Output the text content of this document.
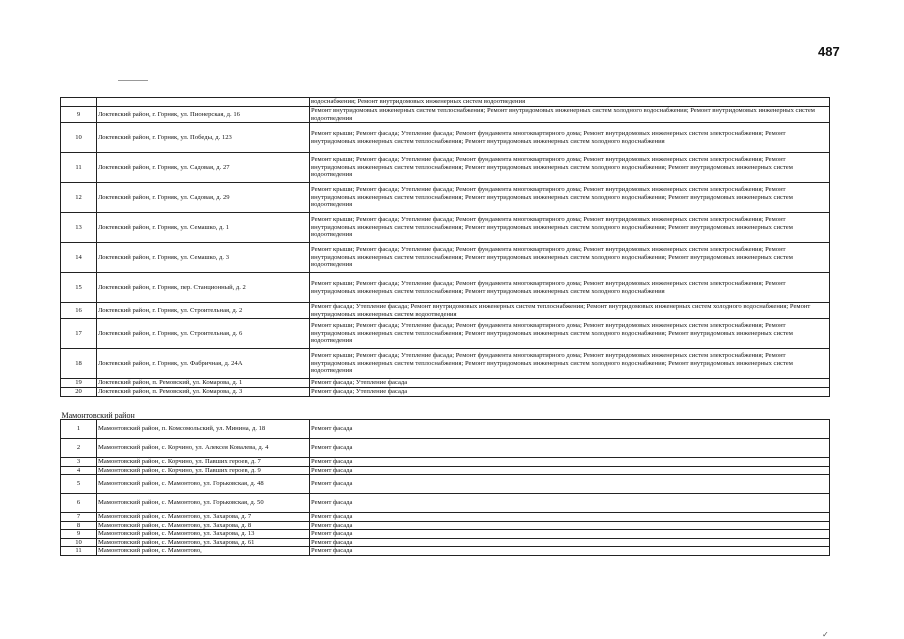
487
		водоснабжения; Ремонт внутридомовых инженерных систем водоотведения
9	Локтевский район, г. Горняк, ул. Пионерская, д. 16	Ремонт внутридомовых инженерных систем теплоснабжения; Ремонт внутридомовых инженерных систем холодного водоснабжения; Ремонт внутридомовых инженерных систем водоотведения
10	Локтевский район, г. Горняк, ул. Победы, д. 123	Ремонт крыши; Ремонт фасада; Утепление фасада; Ремонт фундамента многоквартирного дома; Ремонт внутридомовых инженерных систем электроснабжения; Ремонт внутридомовых инженерных систем теплоснабжения; Ремонт внутридомовых инженерных систем холодного водоснабжения
11	Локтевский район, г. Горняк, ул. Садовая, д. 27	Ремонт крыши; Ремонт фасада; Утепление фасада; Ремонт фундамента многоквартирного дома; Ремонт внутридомовых инженерных систем электроснабжения; Ремонт внутридомовых инженерных систем теплоснабжения; Ремонт внутридомовых инженерных систем холодного водоснабжения; Ремонт внутридомовых инженерных систем водоотведения
12	Локтевский район, г. Горняк, ул. Садовая, д. 29	Ремонт крыши; Ремонт фасада; Утепление фасада; Ремонт фундамента многоквартирного дома; Ремонт внутридомовых инженерных систем электроснабжения; Ремонт внутридомовых инженерных систем теплоснабжения; Ремонт внутридомовых инженерных систем холодного водоснабжения; Ремонт внутридомовых инженерных систем водоотведения
13	Локтевский район, г. Горняк, ул. Семашко, д. 1	Ремонт крыши; Ремонт фасада; Утепление фасада; Ремонт фундамента многоквартирного дома; Ремонт внутридомовых инженерных систем электроснабжения; Ремонт внутридомовых инженерных систем теплоснабжения; Ремонт внутридомовых инженерных систем холодного водоснабжения; Ремонт внутридомовых инженерных систем водоотведения
14	Локтевский район, г. Горняк, ул. Семашко, д. 3	Ремонт крыши; Ремонт фасада; Утепление фасада; Ремонт фундамента многоквартирного дома; Ремонт внутридомовых инженерных систем электроснабжения; Ремонт внутридомовых инженерных систем теплоснабжения; Ремонт внутридомовых инженерных систем холодного водоснабжения; Ремонт внутридомовых инженерных систем водоотведения
15	Локтевский район, г. Горняк, пер. Станционный, д. 2	Ремонт крыши; Ремонт фасада; Утепление фасада; Ремонт фундамента многоквартирного дома; Ремонт внутридомовых инженерных систем электроснабжения; Ремонт внутридомовых инженерных систем теплоснабжения; Ремонт внутридомовых инженерных систем холодного водоснабжения
16	Локтевский район, г. Горняк, ул. Строительная, д. 2	Ремонт фасада; Утепление фасада; Ремонт внутридомовых инженерных систем теплоснабжения; Ремонт внутридомовых инженерных систем холодного водоснабжения; Ремонт внутридомовых инженерных систем водоотведения
17	Локтевский район, г. Горняк, ул. Строительная, д. 6	Ремонт крыши; Ремонт фасада; Утепление фасада; Ремонт фундамента многоквартирного дома; Ремонт внутридомовых инженерных систем электроснабжения; Ремонт внутридомовых инженерных систем теплоснабжения; Ремонт внутридомовых инженерных систем холодного водоснабжения; Ремонт внутридомовых инженерных систем водоотведения
18	Локтевский район, г. Горняк, ул. Фабричная, д. 24А	Ремонт крыши; Ремонт фасада; Утепление фасада; Ремонт фундамента многоквартирного дома; Ремонт внутридомовых инженерных систем электроснабжения; Ремонт внутридомовых инженерных систем теплоснабжения; Ремонт внутридомовых инженерных систем холодного водоснабжения; Ремонт внутридомовых инженерных систем водоотведения
19	Локтевский район, п. Ремовский, ул. Комарова, д. 1	Ремонт фасада; Утепление фасада
20	Локтевский район, п. Ремовский, ул. Комарова, д. 3	Ремонт фасада; Утепление фасада
Мамонтовский район		
1	Мамонтовский район, п. Комсомольский, ул. Минина, д. 18	Ремонт фасада
2	Мамонтовский район, с. Корчино, ул. Алексея Ковалева, д. 4	Ремонт фасада
3	Мамонтовский район, с. Корчино, ул. Павших героев, д. 7	Ремонт фасада
4	Мамонтовский район, с. Корчино, ул. Павших героев, д. 9	Ремонт фасада
5	Мамонтовский район, с. Мамонтово, ул. Горьковская, д. 48	Ремонт фасада
6	Мамонтовский район, с. Мамонтово, ул. Горьковская, д. 50	Ремонт фасада
7	Мамонтовский район, с. Мамонтово, ул. Захарова, д. 7	Ремонт фасада
8	Мамонтовский район, с. Мамонтово, ул. Захарова, д. 8	Ремонт фасада
9	Мамонтовский район, с. Мамонтово, ул. Захарова, д. 13	Ремонт фасада
10	Мамонтовский район, с. Мамонтово, ул. Захарова, д. 61	Ремонт фасада
11	Мамонтовский район, с. Мамонтово,	Ремонт фасада
✓
